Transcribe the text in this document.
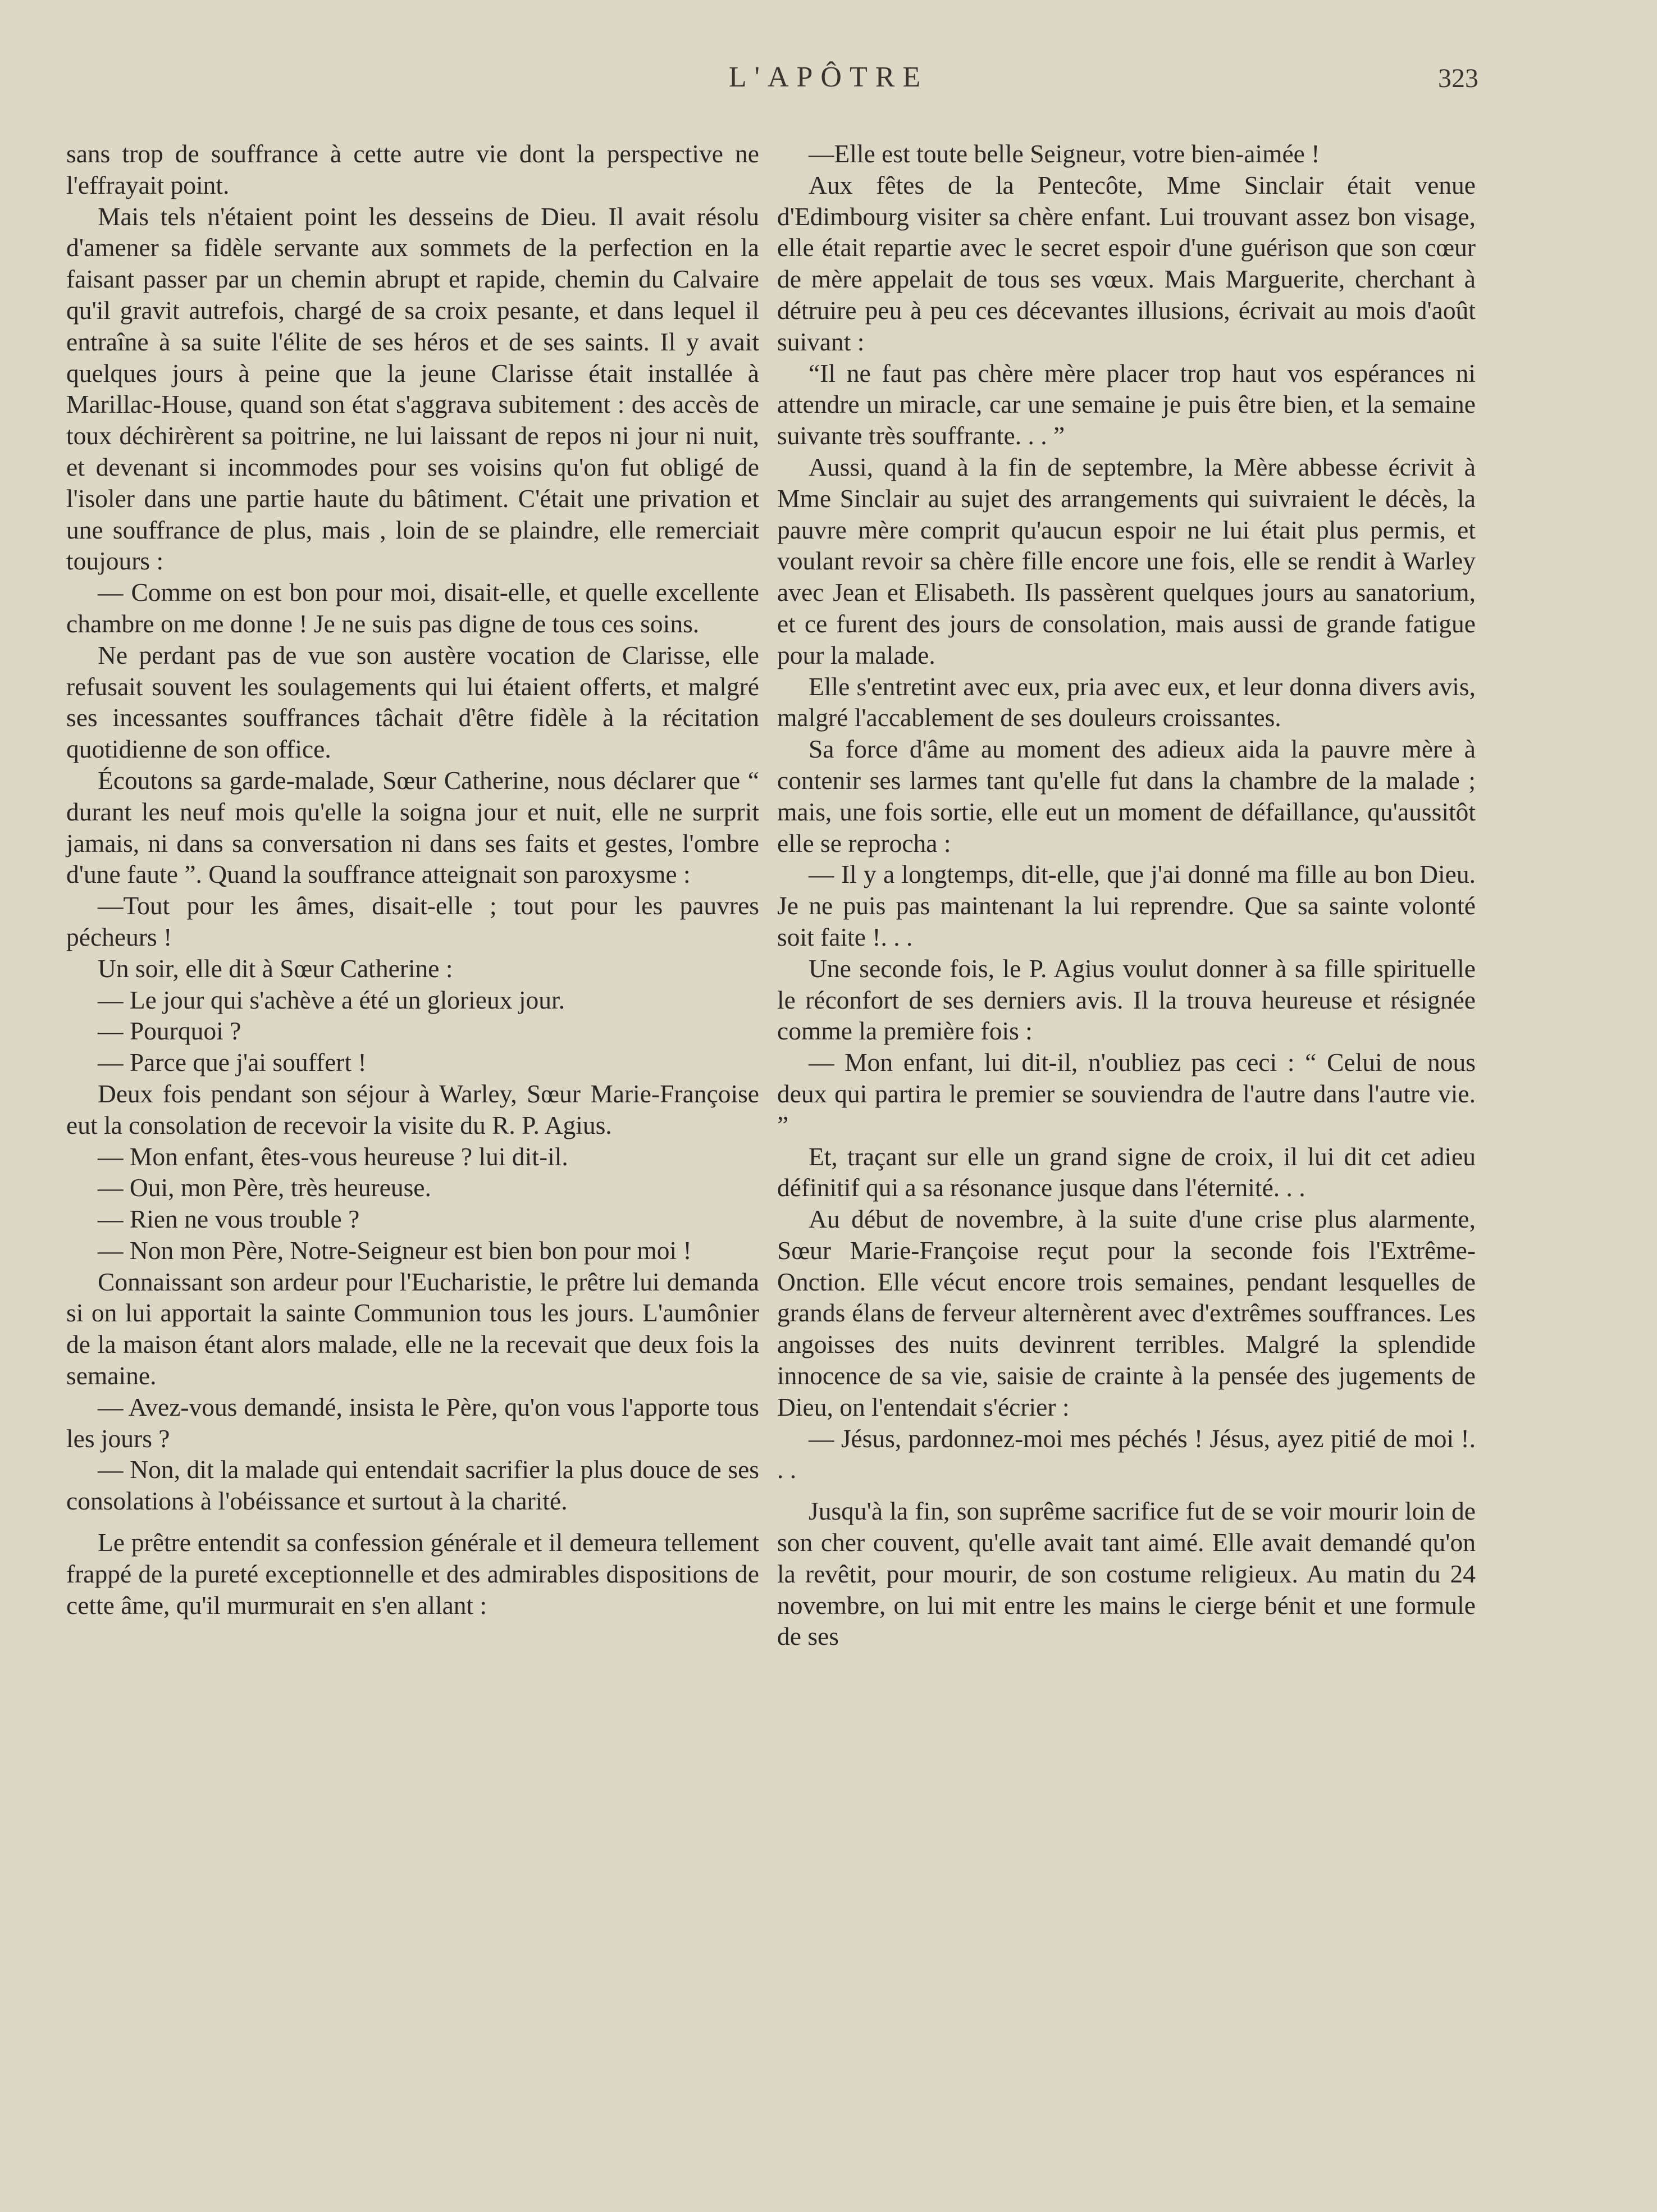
L'APÔTRE	323

sans trop de souffrance à cette autre vie dont la perspective ne l'effrayait point.

Mais tels n'étaient point les desseins de Dieu. Il avait résolu d'amener sa fidèle servante aux sommets de la perfection en la faisant passer par un chemin abrupt et rapide, chemin du Calvaire qu'il gravit autrefois, chargé de sa croix pesante, et dans lequel il entraîne à sa suite l'élite de ses héros et de ses saints. Il y avait quelques jours à peine que la jeune Clarisse était installée à Marillac-House, quand son état s'aggrava subitement : des accès de toux déchirèrent sa poitrine, ne lui laissant de repos ni jour ni nuit, et devenant si incommodes pour ses voisins qu'on fut obligé de l'isoler dans une partie haute du bâtiment. C'était une privation et une souffrance de plus, mais , loin de se plaindre, elle remerciait toujours :

— Comme on est bon pour moi, disait-elle, et quelle excellente chambre on me donne ! Je ne suis pas digne de tous ces soins.

Ne perdant pas de vue son austère vocation de Clarisse, elle refusait souvent les soulagements qui lui étaient offerts, et malgré ses incessantes souffrances tâchait d'être fidèle à la récitation quotidienne de son office.

Écoutons sa garde-malade, Sœur Catherine, nous déclarer que “ durant les neuf mois qu'elle la soigna jour et nuit, elle ne surprit jamais, ni dans sa conversation ni dans ses faits et gestes, l'ombre d'une faute ”. Quand la souffrance atteignait son paroxysme :

—Tout pour les âmes, disait-elle ; tout pour les pauvres pécheurs !

Un soir, elle dit à Sœur Catherine :

— Le jour qui s'achève a été un glorieux jour.

— Pourquoi ?

— Parce que j'ai souffert !

Deux fois pendant son séjour à Warley, Sœur Marie-Françoise eut la consolation de recevoir la visite du R. P. Agius.

— Mon enfant, êtes-vous heureuse ? lui dit-il.

— Oui, mon Père, très heureuse.

— Rien ne vous trouble ?

— Non mon Père, Notre-Seigneur est bien bon pour moi !

Connaissant son ardeur pour l'Eucharistie, le prêtre lui demanda si on lui apportait la sainte Communion tous les jours. L'aumônier de la maison étant alors malade, elle ne la recevait que deux fois la semaine.

— Avez-vous demandé, insista le Père, qu'on vous l'apporte tous les jours ?

— Non, dit la malade qui entendait sacrifier la plus douce de ses consolations à l'obéissance et surtout à la charité.

Le prêtre entendit sa confession générale et il demeura tellement frappé de la pureté exceptionnelle et des admirables dispositions de cette âme, qu'il murmurait en s'en allant :

—Elle est toute belle Seigneur, votre bien-aimée !

Aux fêtes de la Pentecôte, Mme Sinclair était venue d'Edimbourg visiter sa chère enfant. Lui trouvant assez bon visage, elle était repartie avec le secret espoir d'une guérison que son cœur de mère appelait de tous ses vœux. Mais Marguerite, cherchant à détruire peu à peu ces décevantes illusions, écrivait au mois d'août suivant :

“Il ne faut pas chère mère placer trop haut vos espérances ni attendre un miracle, car une semaine je puis être bien, et la semaine suivante très souffrante. . . ”

Aussi, quand à la fin de septembre, la Mère abbesse écrivit à Mme Sinclair au sujet des arrangements qui suivraient le décès, la pauvre mère comprit qu'aucun espoir ne lui était plus permis, et voulant revoir sa chère fille encore une fois, elle se rendit à Warley avec Jean et Elisabeth. Ils passèrent quelques jours au sanatorium, et ce furent des jours de consolation, mais aussi de grande fatigue pour la malade.

Elle s'entretint avec eux, pria avec eux, et leur donna divers avis, malgré l'accablement de ses douleurs croissantes.

Sa force d'âme au moment des adieux aida la pauvre mère à contenir ses larmes tant qu'elle fut dans la chambre de la malade ; mais, une fois sortie, elle eut un moment de défaillance, qu'aussitôt elle se reprocha :

— Il y a longtemps, dit-elle, que j'ai donné ma fille au bon Dieu. Je ne puis pas maintenant la lui reprendre. Que sa sainte volonté soit faite !. . .

Une seconde fois, le P. Agius voulut donner à sa fille spirituelle le réconfort de ses derniers avis. Il la trouva heureuse et résignée comme la première fois :

— Mon enfant, lui dit-il, n'oubliez pas ceci : “ Celui de nous deux qui partira le premier se souviendra de l'autre dans l'autre vie. ”

Et, traçant sur elle un grand signe de croix, il lui dit cet adieu définitif qui a sa résonance jusque dans l'éternité. . .

Au début de novembre, à la suite d'une crise plus alarmente, Sœur Marie-Françoise reçut pour la seconde fois l'Extrême-Onction. Elle vécut encore trois semaines, pendant lesquelles de grands élans de ferveur alternèrent avec d'extrêmes souffrances. Les angoisses des nuits devinrent terribles. Malgré la splendide innocence de sa vie, saisie de crainte à la pensée des jugements de Dieu, on l'entendait s'écrier :

— Jésus, pardonnez-moi mes péchés ! Jésus, ayez pitié de moi !. . .

Jusqu'à la fin, son suprême sacrifice fut de se voir mourir loin de son cher couvent, qu'elle avait tant aimé. Elle avait demandé qu'on la revêtit, pour mourir, de son costume religieux. Au matin du 24 novembre, on lui mit entre les mains le cierge bénit et une formule de ses
